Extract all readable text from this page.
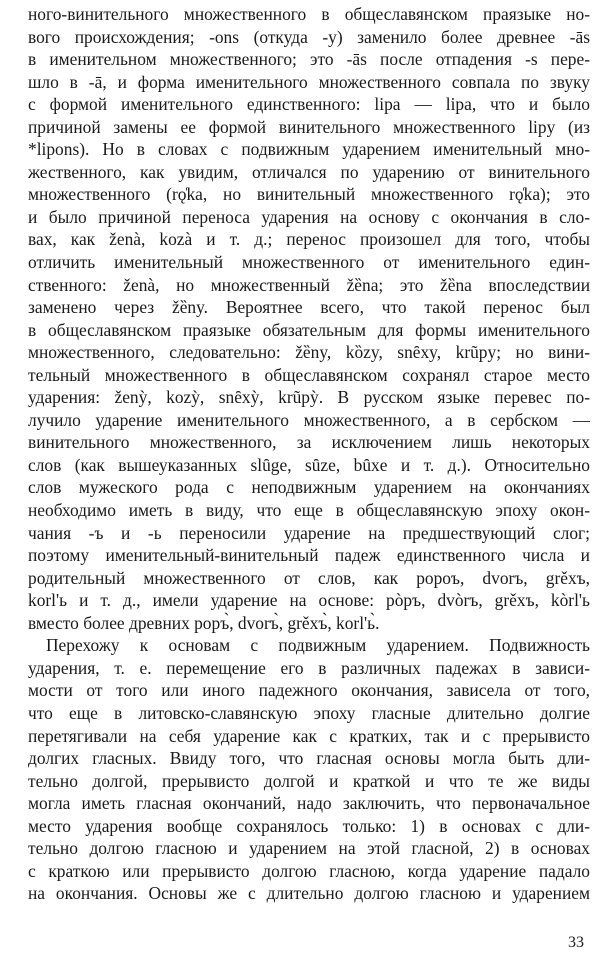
ного-винительного множественного в общеславянском праязыке но-
вого происхождения; -ons (откуда -y) заменило более древнее -ās
в именительном множественного; это -ās после отпадения -s пере-
шло в -ā, и форма именительного множественного совпала по звуку
с формой именительного единственного: lipa — lipa, что и было
причиной замены ее формой винительного множественного lipy (из
*lipons). Но в словах с подвижным ударением именительный мно-
жественного, как увидим, отличался по ударению от винительного
множественного (rǫ̍ka, но винительный множественного rǫ̍ka); это
и было причиной переноса ударения на основу с окончания в сло-
вах, как ženà, kozà и т. д.; перенос произошел для того, чтобы
отличить именительный множественного от именительного един-
ственного: ženà, но множественный žȅna; это žȅna впоследствии
заменено через žȅny. Вероятнее всего, что такой перенос был
в общеславянском праязыке обязательным для формы именительного
множественного, следовательно: žȅny, kȍzy, snȇxy, krũpy; но вини-
тельный множественного в общеславянском сохранял старое место
ударения: ženỳ, kozỳ, snȇxỳ, krũpỳ. В русском языке перевес по-
лучило ударение именительного множественного, а в сербском —
винительного множественного, за исключением лишь некоторых
слов (как вышеуказанных slȗge, sȗze, bȗxe и т. д.). Относительно
слов мужеского рода с неподвижным ударением на окончаниях
необходимо иметь в виду, что еще в общеславянскую эпоху окон-
чания -ъ и -ь переносили ударение на предшествующий слог;
поэтому именительный-винительный падеж единственного числа и
родительный множественного от слов, как ророъ, dvorъ, grěxъ,
korl'ь и т. д., имели ударение на основе: pòpъ, dvòrъ, grěxъ, kòrl'ь
вместо более древних popъ̀, dvorъ̀, grěxъ̀, korl'ь̀.
Перехожу к основам с подвижным ударением. Подвижность
ударения, т. е. перемещение его в различных падежах в зависи-
мости от того или иного падежного окончания, зависела от того,
что еще в литовско-славянскую эпоху гласные длительно долгие
перетягивали на себя ударение как с кратких, так и с прерывисто
долгих гласных. Ввиду того, что гласная основы могла быть дли-
тельно долгой, прерывисто долгой и краткой и что те же виды
могла иметь гласная окончаний, надо заключить, что первоначальное
место ударения вообще сохранялось только: 1) в основах с дли-
тельно долгою гласною и ударением на этой гласной, 2) в основах
с краткою или прерывисто долгою гласною, когда ударение падало
на окончания. Основы же с длительно долгою гласною и ударением
33
